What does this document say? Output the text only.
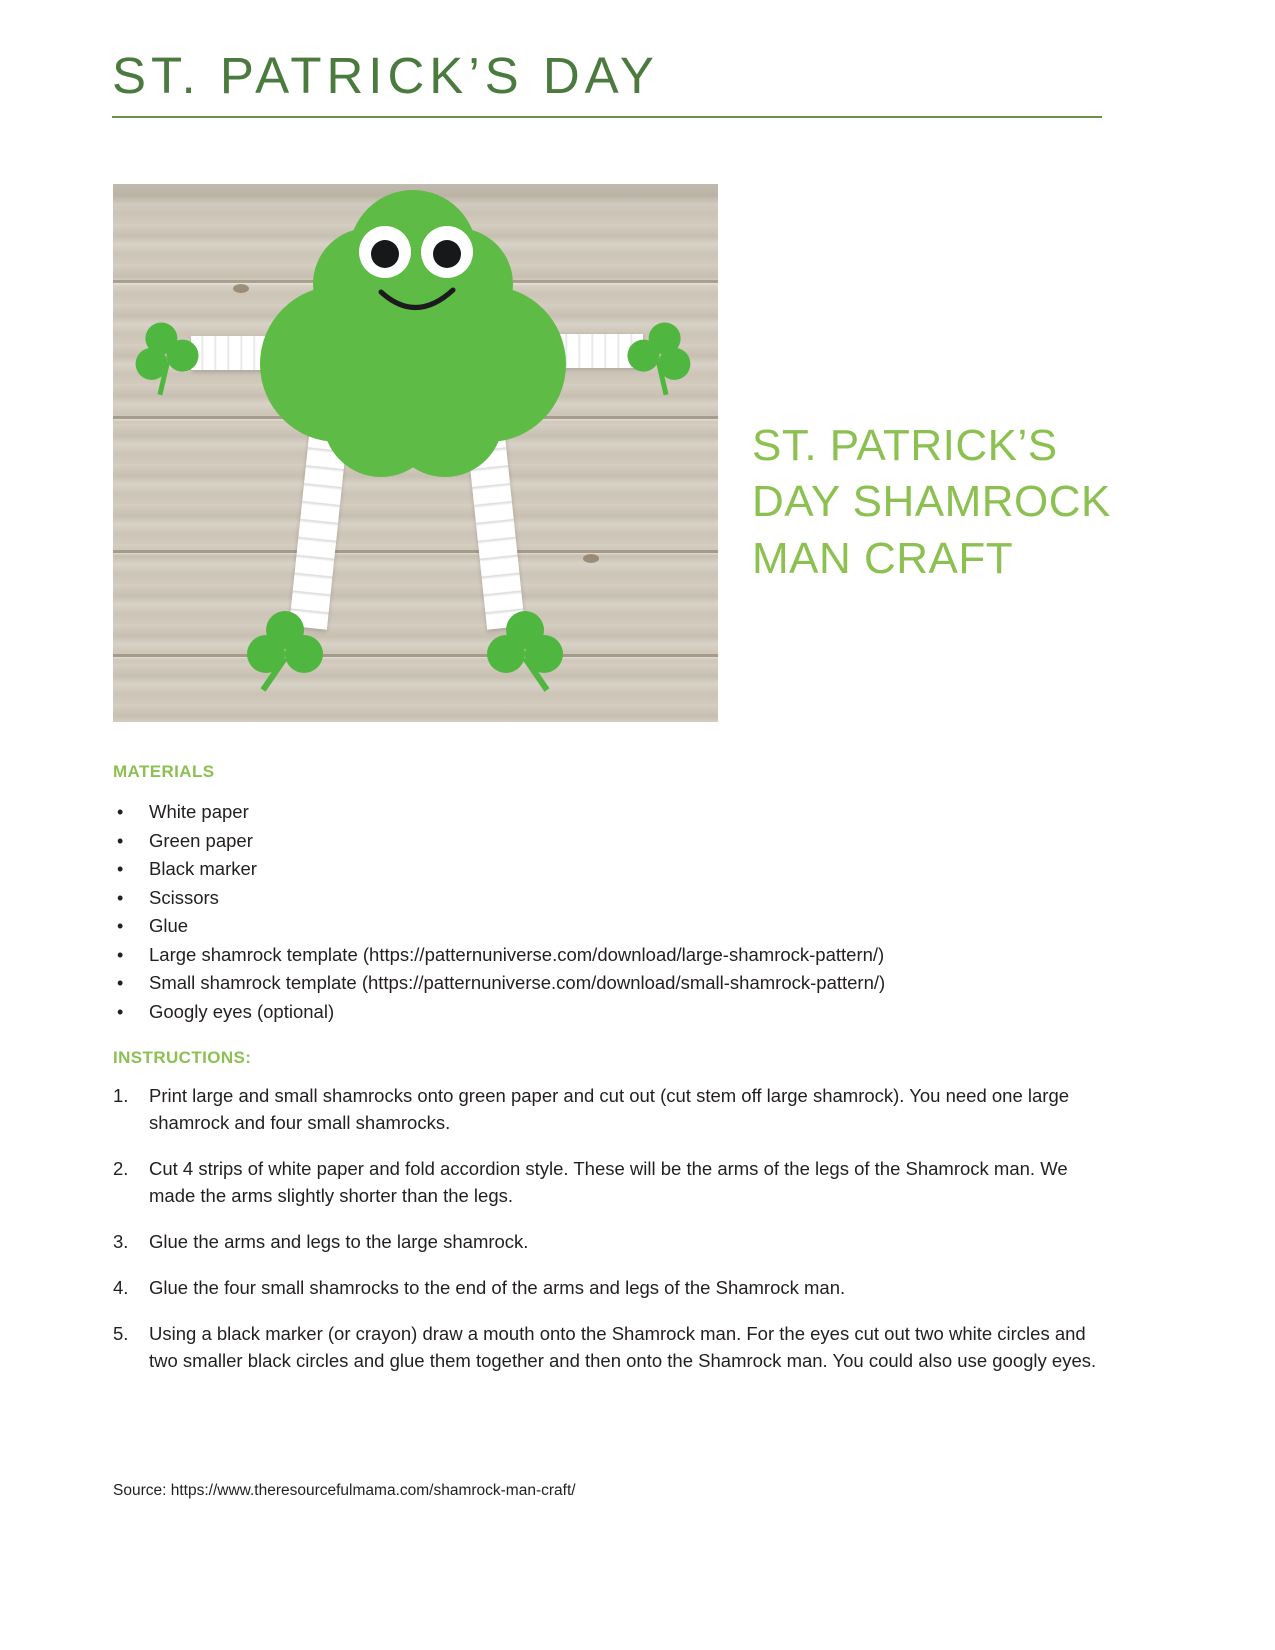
ST. PATRICK’S DAY
ST. PATRICK’S DAY SHAMROCK MAN CRAFT
MATERIALS
• White paper
• Green paper
• Black marker
• Scissors
• Glue
• Large shamrock template (https://patternuniverse.com/download/large-shamrock-pattern/)
• Small shamrock template (https://patternuniverse.com/download/small-shamrock-pattern/)
• Googly eyes (optional)
INSTRUCTIONS:
Print large and small shamrocks onto green paper and cut out (cut stem off large shamrock). You need one large shamrock and four small shamrocks.
Cut 4 strips of white paper and fold accordion style. These will be the arms of the legs of the Shamrock man. We made the arms slightly shorter than the legs.
Glue the arms and legs to the large shamrock.
Glue the four small shamrocks to the end of the arms and legs of the Shamrock man.
Using a black marker (or crayon) draw a mouth onto the Shamrock man. For the eyes cut out two white circles and two smaller black circles and glue them together and then onto the Shamrock man. You could also use googly eyes.
Source: https://www.theresourcefulmama.com/shamrock-man-craft/
